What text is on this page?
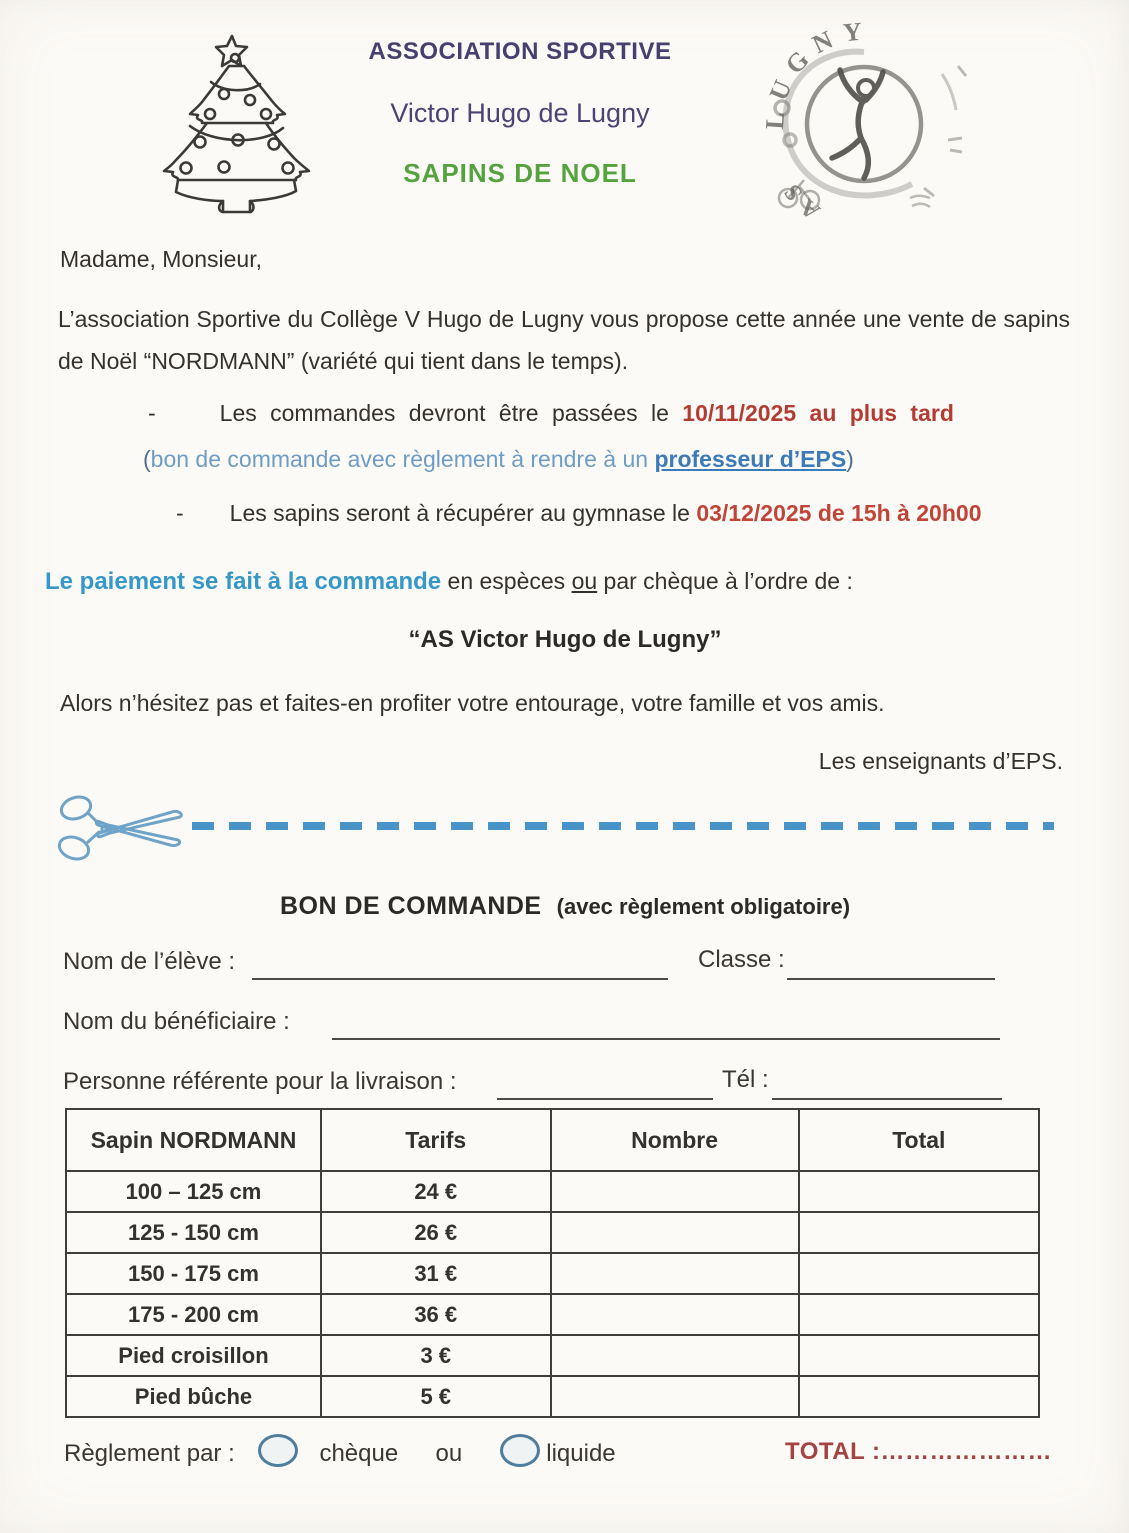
LUGNY
AS
ASSOCIATION SPORTIVE
Victor Hugo de Lugny
SAPINS DE NOEL
Madame, Monsieur,
L’association Sportive du Collège V Hugo de Lugny vous propose cette année une vente de sapins de Noël “NORDMANN” (variété qui tient dans le temps).
-	Les commandes devront être passées le 10/11/2025 au plus tard
(bon de commande avec règlement à rendre à un professeur d’EPS)
- Les sapins seront à récupérer au gymnase le 03/12/2025 de 15h à 20h00
Le paiement se fait à la commande en espèces ou par chèque à l’ordre de :
“AS Victor Hugo de Lugny”
Alors n’hésitez pas et faites-en profiter votre entourage, votre famille et vos amis.
Les enseignants d’EPS.
BON DE COMMANDE (avec règlement obligatoire)
Nom de l’élève :	Classe :
Nom du bénéficiaire :
Personne référente pour la livraison :	Tél :
Sapin NORDMANN	Tarifs	Nombre	Total
100 – 125 cm	24 €		
125 - 150 cm	26 €		
150 - 175 cm	31 €		
175 - 200 cm	36 €		
Pied croisillon	3 €		
Pied bûche	5 €		
Règlement par :	chèque ou	liquide	TOTAL :…………………
